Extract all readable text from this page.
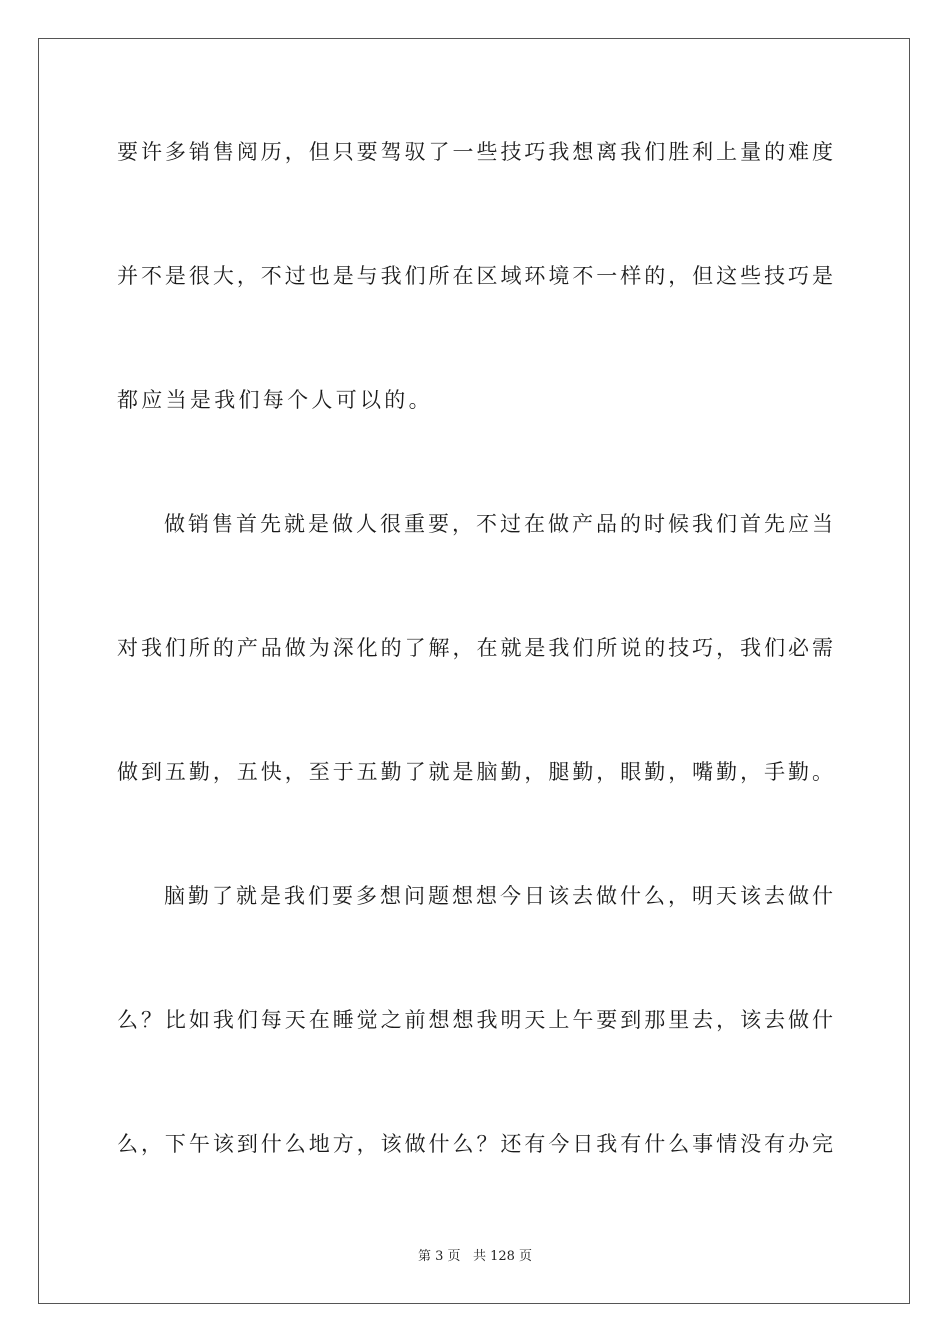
要许多销售阅历，但只要驾驭了一些技巧我想离我们胜利上量的难度
并不是很大，不过也是与我们所在区域环境不一样的，但这些技巧是
都应当是我们每个人可以的。
做销售首先就是做人很重要，不过在做产品的时候我们首先应当
对我们所的产品做为深化的了解，在就是我们所说的技巧，我们必需
做到五勤，五快，至于五勤了就是脑勤，腿勤，眼勤，嘴勤，手勤。
脑勤了就是我们要多想问题想想今日该去做什么，明天该去做什
么？比如我们每天在睡觉之前想想我明天上午要到那里去，该去做什
么，下午该到什么地方，该做什么？还有今日我有什么事情没有办完
第 3 页 共 128 页
